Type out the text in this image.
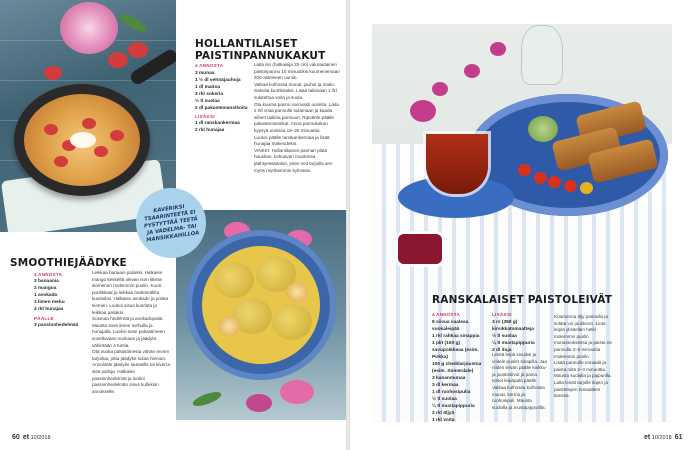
HOLLANTILAISET
PAISTINPANNUKAKUT
4 ANNOSTA
3 munaa
1 ½ dl vehnäjauhoja
1 dl maitoa
3 rkl sokeria
½ tl suolaa
2 dl pakastemansikoita
LISÄKSI
1 dl ranskankermaa
2 rkl hunajaa

Laita iso (halkaisija 25 cm) valurautainen paistinpannu 10 minuutiksi kuumenemaan 200-asteiseen uuniin.

Vatkaa kulhossa munat, jauhot ja maito. Sekoita kuohkeaksi. Lisää taikinaan 1 rkl sulatettua voita ja suola.

Ota kuuma pannu varovasti uunista. Laita 2 rkl voita pannulle sulamaan ja kaada siihen taikina pannuun. Ripottele päälle pakastemansikat. Anna pannukakun kypsyä uunissa 18–20 minuuttia.

Luokoi päälle ranskankermaa ja lisää hunajaa makeudeksi.

VINKKI: Hollantilainen pannari pitää hauskan, kohoavan muotonsa jäähtyessäänkin, joten voit tarjoilla sen myös myöhemmin kylmänä.

KAVERIKSI TSAARINTEETÄ EI PYSTYTTÄÄ TEETÄ JA VADELMA- TAI MANSIKKAHILLOA
SMOOTHIEJÄÄDYKE
4 ANNOSTA
3 banaania
2 mangoa
1 avokado
1 limen mehu
4 rkl hunajaa
PÄÄLLE
3 passionhedelmää

Leikkaa banaani paloiksi. Halkaise mango keskeltä olevan ison litteän siemenen molemmin puolin. Kuori puolikkaat ja leikkaa hedelmäliha kuutioiksi. Halkaise avokado ja poista siemen. Luokoi sisus kuorista ja leikkaa paloiksi.

Soseuta hedelmät ja avokadopalat. Mausta sose limen mehulla ja hunajalla. Luokoi sose pakastimeen soveltuvaan vuokaan ja jäädytä vähintään 4 tuntia.

Ota vuoka pakastimesta vähän ennen tarjoilua, jotta jäädyke sulaa hieman.

Annostele jäädyke lautasille tai kiverra siitä palloja. Halkaise passionhedelmät ja luokoi passionhedelmän sisus kulleksin annokselle.

60 et 10/2018
RANSKALAISET PAISTOLEIVÄT
4 ANNOSTA
8 siivua vaaleaa vuokaleipää
1 rkl rahkaa sinappia
1 pkt (100 g) savupoikkeaa (esim. Pirkka)
100 g cheddarjuustoa (esim. Somerdale)
3 kananmunaa
3 dl kermaa
1 dl ruohosipulia
½ tl suolaa
¼ tl mustapippuria
2 rkl öljyä
1 rkl voita
LISÄKSI
3 rs (350 g) kirsikkatomaatteja
½ tl suolaa
¼ tl mustapippuria
2 dl itujа

Levitä leipä sivuiksi ja voitele puolet sinapilla. Jaa niiden leivän päälle kinkku- ja juustosiivut ja paina toiset leipäpala päälle.

Vatkaa kulhossa kulhossa munat, kerma ja ruohosipuli. Mausta suolalla ja mustapippurilla.

Kuumenna öljy pannulla ja sulata voi joukkoon. Liota leipiä yksitellen hetki molemmin puolin munaseoksessa ja paista ne pannulla 3–5 minuuttia molemmin puolin.

Lisää pannulle tomaatit ja paista niitä 2–3 minuuttia. Mausta suolalla ja pippurilla.

Laita leivät tarjolle itujen ja paistettujen tomaattien kanssa.

et 10/2018 61
